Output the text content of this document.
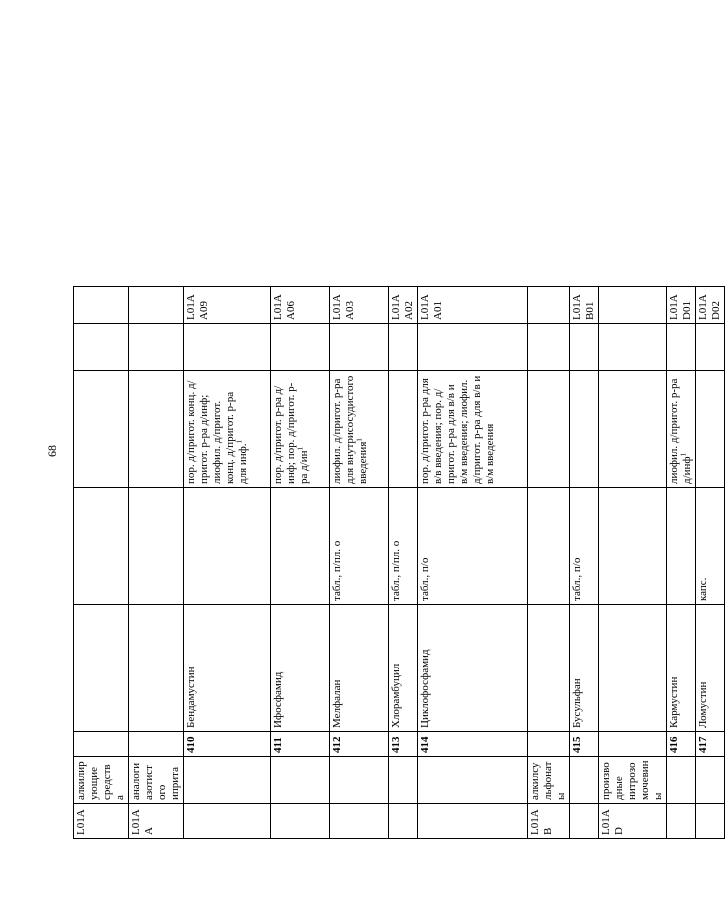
68
L01A	алкилирующие средства						
L01AA	аналоги азотистого иприта						
		410	Бендамустин		пор. д/пригот. конц. д/пригот. р-ра д/инф; лиофил. д/пригот. конц. д/пригот. р-ра для инф.$^1$		L01AA09
		411	Ифосфамид		пор. д/пригот. р-ра д/инф; пор. д/пригот. р-ра $д/ин^1$		L01AA06
		412	Мелфалан	табл., п/пл. о	лиофил. д/пригот. р-ра для внутрисосудистого введения$^1$		L01AA03
		413	Хлорамбуцил	табл., п/пл. о			L01AA02
		414	Циклофосфамид	табл., п/о	пор. д/пригот. р-ра для в/в введения; пор. д/пригот. р-ра для в/в и в/м введения; лиофил. д/пригот. р-ра для в/в и в/м введения		L01AA01
L01AB	алкилсульфонаты						
		415	Бусульфан	табл., п/о			L01AB01
L01AD	производные нитрозомочевины						
		416	Кармустин		лиофил. д/пригот. р-ра д/инф$^1$		L01AD01
		417	Ломустин	капс.			L01AD02
